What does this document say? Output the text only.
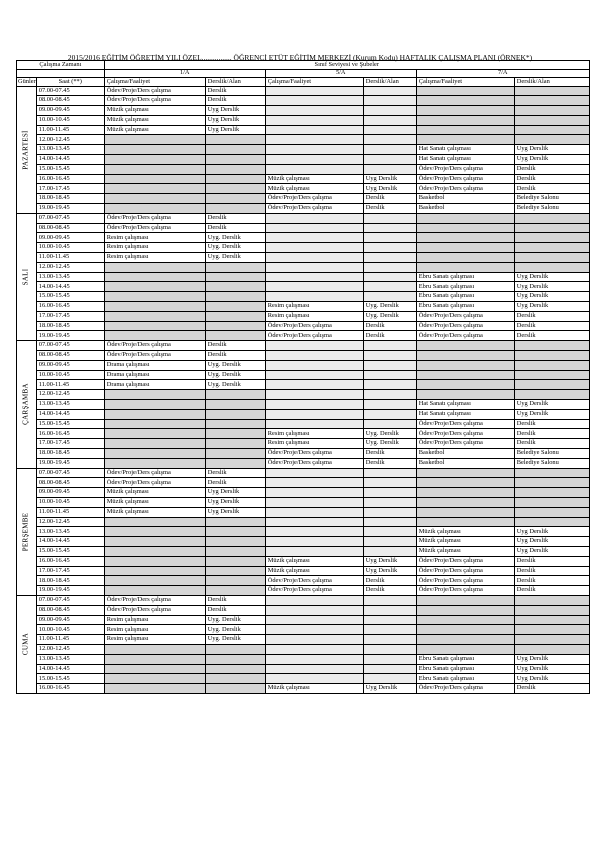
2015/2016 EĞİTİM ÖĞRETİM YILI ÖZEL................ ÖĞRENCİ ETÜT EĞİTİM MERKEZİ (Kurum Kodu) HAFTALIK ÇALIŞMA PLANI (ÖRNEK*)
Çalışma Zamanı		Sınıf Seviyesi ve Şubeler					
		1/A		5/A		7/A	
Günler	Saat (**)	Çalışma/Faaliyet	Derslik/Alan	Çalışma/Faaliyet	Derslik/Alan	Çalışma/Faaliyet	Derslik/Alan

PAZARTESİ	07.00-07.45	Ödev/Proje/Ders çalışma	Derslik				
	08.00-08.45	Ödev/Proje/Ders çalışma	Derslik				
	09.00-09.45	Müzik çalışması	Uyg Derslik				
	10.00-10.45	Müzik çalışması	Uyg Derslik				
	11.00-11.45	Müzik çalışması	Uyg Derslik				
	12.00-12.45						
	13.00-13.45					Hat Sanatı çalışması	Uyg Derslik
	14.00-14.45					Hat Sanatı çalışması	Uyg Derslik
	15.00-15.45					Ödev/Proje/Ders çalışma	Derslik
	16.00-16.45			Müzik çalışması	Uyg Derslik	Ödev/Proje/Ders çalışma	Derslik
	17.00-17.45			Müzik çalışması	Uyg Derslik	Ödev/Proje/Ders çalışma	Derslik
	18.00-18.45			Ödev/Proje/Ders çalışma	Derslik	Basketbol	Belediye Salonu
	19.00-19.45			Ödev/Proje/Ders çalışma	Derslik	Basketbol	Belediye Salonu

SALI	07.00-07.45	Ödev/Proje/Ders çalışma	Derslik				
	08.00-08.45	Ödev/Proje/Ders çalışma	Derslik				
	09.00-09.45	Resim çalışması	Uyg. Derslik				
	10.00-10.45	Resim çalışması	Uyg. Derslik				
	11.00-11.45	Resim çalışması	Uyg. Derslik				
	12.00-12.45						
	13.00-13.45					Ebru Sanatı çalışması	Uyg Derslik
	14.00-14.45					Ebru Sanatı çalışması	Uyg Derslik
	15.00-15.45					Ebru Sanatı çalışması	Uyg Derslik
	16.00-16.45			Resim çalışması	Uyg. Derslik	Ebru Sanatı çalışması	Uyg Derslik
	17.00-17.45			Resim çalışması	Uyg. Derslik	Ödev/Proje/Ders çalışma	Derslik
	18.00-18.45			Ödev/Proje/Ders çalışma	Derslik	Ödev/Proje/Ders çalışma	Derslik
	19.00-19.45			Ödev/Proje/Ders çalışma	Derslik	Ödev/Proje/Ders çalışma	Derslik

ÇARŞAMBA	07.00-07.45	Ödev/Proje/Ders çalışma	Derslik				
	08.00-08.45	Ödev/Proje/Ders çalışma	Derslik				
	09.00-09.45	Drama çalışması	Uyg. Derslik				
	10.00-10.45	Drama çalışması	Uyg. Derslik				
	11.00-11.45	Drama çalışması	Uyg. Derslik				
	12.00-12.45						
	13.00-13.45					Hat Sanatı çalışması	Uyg Derslik
	14.00-14.45					Hat Sanatı çalışması	Uyg Derslik
	15.00-15.45					Ödev/Proje/Ders çalışma	Derslik
	16.00-16.45			Resim çalışması	Uyg. Derslik	Ödev/Proje/Ders çalışma	Derslik
	17.00-17.45			Resim çalışması	Uyg. Derslik	Ödev/Proje/Ders çalışma	Derslik
	18.00-18.45			Ödev/Proje/Ders çalışma	Derslik	Basketbol	Belediye Salonu
	19.00-19.45			Ödev/Proje/Ders çalışma	Derslik	Basketbol	Belediye Salonu

PERŞEMBE	07.00-07.45	Ödev/Proje/Ders çalışma	Derslik				
	08.00-08.45	Ödev/Proje/Ders çalışma	Derslik				
	09.00-09.45	Müzik çalışması	Uyg Derslik				
	10.00-10.45	Müzik çalışması	Uyg Derslik				
	11.00-11.45	Müzik çalışması	Uyg Derslik				
	12.00-12.45						
	13.00-13.45					Müzik çalışması	Uyg Derslik
	14.00-14.45					Müzik çalışması	Uyg Derslik
	15.00-15.45					Müzik çalışması	Uyg Derslik
	16.00-16.45			Müzik çalışması	Uyg Derslik	Ödev/Proje/Ders çalışma	Derslik
	17.00-17.45			Müzik çalışması	Uyg Derslik	Ödev/Proje/Ders çalışma	Derslik
	18.00-18.45			Ödev/Proje/Ders çalışma	Derslik	Ödev/Proje/Ders çalışma	Derslik
	19.00-19.45			Ödev/Proje/Ders çalışma	Derslik	Ödev/Proje/Ders çalışma	Derslik

CUMA	07.00-07.45	Ödev/Proje/Ders çalışma	Derslik				
	08.00-08.45	Ödev/Proje/Ders çalışma	Derslik				
	09.00-09.45	Resim çalışması	Uyg. Derslik				
	10.00-10.45	Resim çalışması	Uyg. Derslik				
	11.00-11.45	Resim çalışması	Uyg. Derslik				
	12.00-12.45						
	13.00-13.45					Ebru Sanatı çalışması	Uyg Derslik
	14.00-14.45					Ebru Sanatı çalışması	Uyg Derslik
	15.00-15.45					Ebru Sanatı çalışması	Uyg Derslik
	16.00-16.45			Müzik çalışması	Uyg Derslik	Ödev/Proje/Ders çalışma	Derslik
